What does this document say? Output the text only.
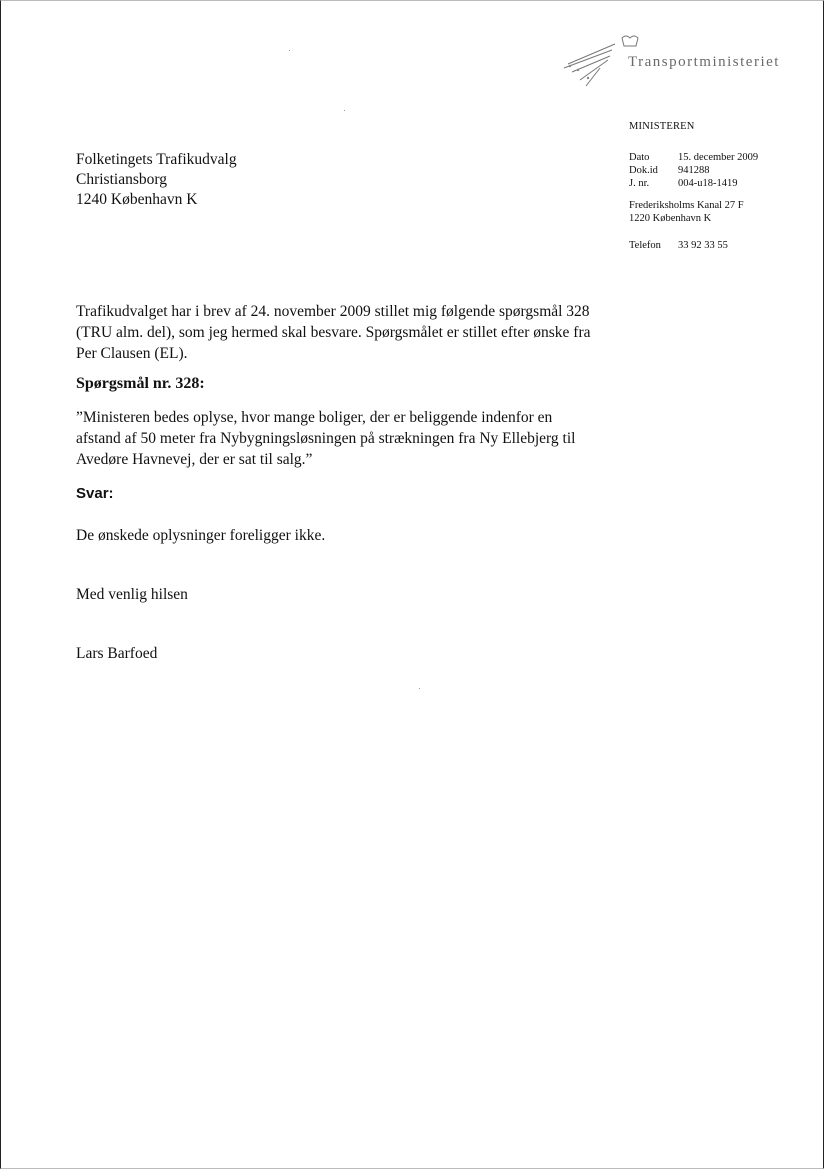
Transportministeriet
MINISTEREN
Dato	15. december 2009
Dok.id	941288
J. nr.	004-u18-1419
Frederiksholms Kanal 27 F
1220 København K
Telefon	33 92 33 55
Folketingets Trafikudvalg
Christiansborg
1240 København K
Trafikudvalget har i brev af 24. november 2009 stillet mig følgende spørgsmål 328 (TRU alm. del), som jeg hermed skal besvare. Spørgsmålet er stillet efter ønske fra Per Clausen (EL).
Spørgsmål nr. 328:
”Ministeren bedes oplyse, hvor mange boliger, der er beliggende indenfor en afstand af 50 meter fra Nybygningsløsningen på strækningen fra Ny Ellebjerg til Avedøre Havnevej, der er sat til salg.”
Svar:
De ønskede oplysninger foreligger ikke.
Med venlig hilsen
Lars Barfoed
